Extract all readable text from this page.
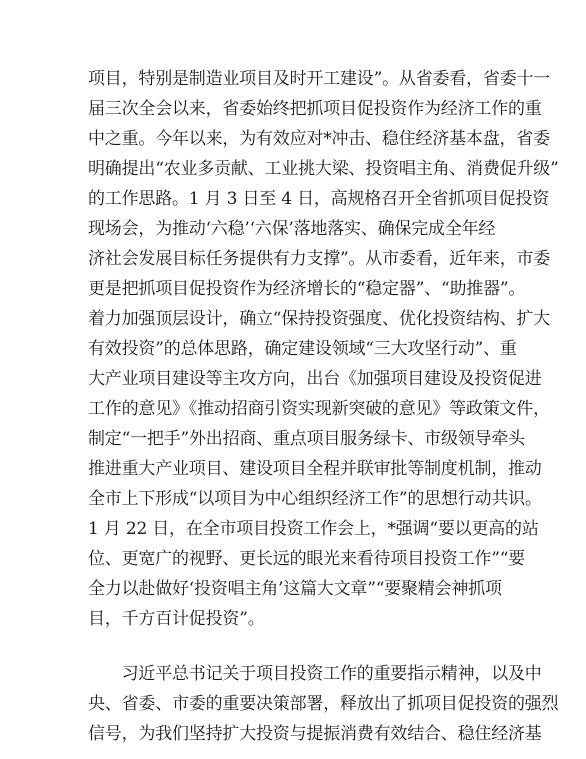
项目，特别是制造业项目及时开工建设”。从省委看，省委十一
届三次全会以来，省委始终把抓项目促投资作为经济工作的重
中之重。今年以来，为有效应对*冲击、稳住经济基本盘，省委
明确提出“农业多贡献、工业挑大梁、投资唱主角、消费促升级”
的工作思路。1 月 3 日至 4 日，高规格召开全省抓项目促投资
现场会，为推动‘六稳’‘六保’落地落实、确保完成全年经
济社会发展目标任务提供有力支撑”。从市委看，近年来，市委
更是把抓项目促投资作为经济增长的“稳定器”、“助推器”。
着力加强顶层设计，确立“保持投资强度、优化投资结构、扩大
有效投资”的总体思路，确定建设领域“三大攻坚行动”、重
大产业项目建设等主攻方向，出台《加强项目建设及投资促进
工作的意见》《推动招商引资实现新突破的意见》等政策文件，
制定“一把手”外出招商、重点项目服务绿卡、市级领导牵头
推进重大产业项目、建设项目全程并联审批等制度机制，推动
全市上下形成“以项目为中心组织经济工作”的思想行动共识。
1 月 22 日，在全市项目投资工作会上，*强调“要以更高的站
位、更宽广的视野、更长远的眼光来看待项目投资工作”“要
全力以赴做好‘投资唱主角’这篇大文章”“要聚精会神抓项
目，千方百计促投资”。
　　习近平总书记关于项目投资工作的重要指示精神，以及中
央、省委、市委的重要决策部署，释放出了抓项目促投资的强烈
信号，为我们坚持扩大投资与提振消费有效结合、稳住经济基
